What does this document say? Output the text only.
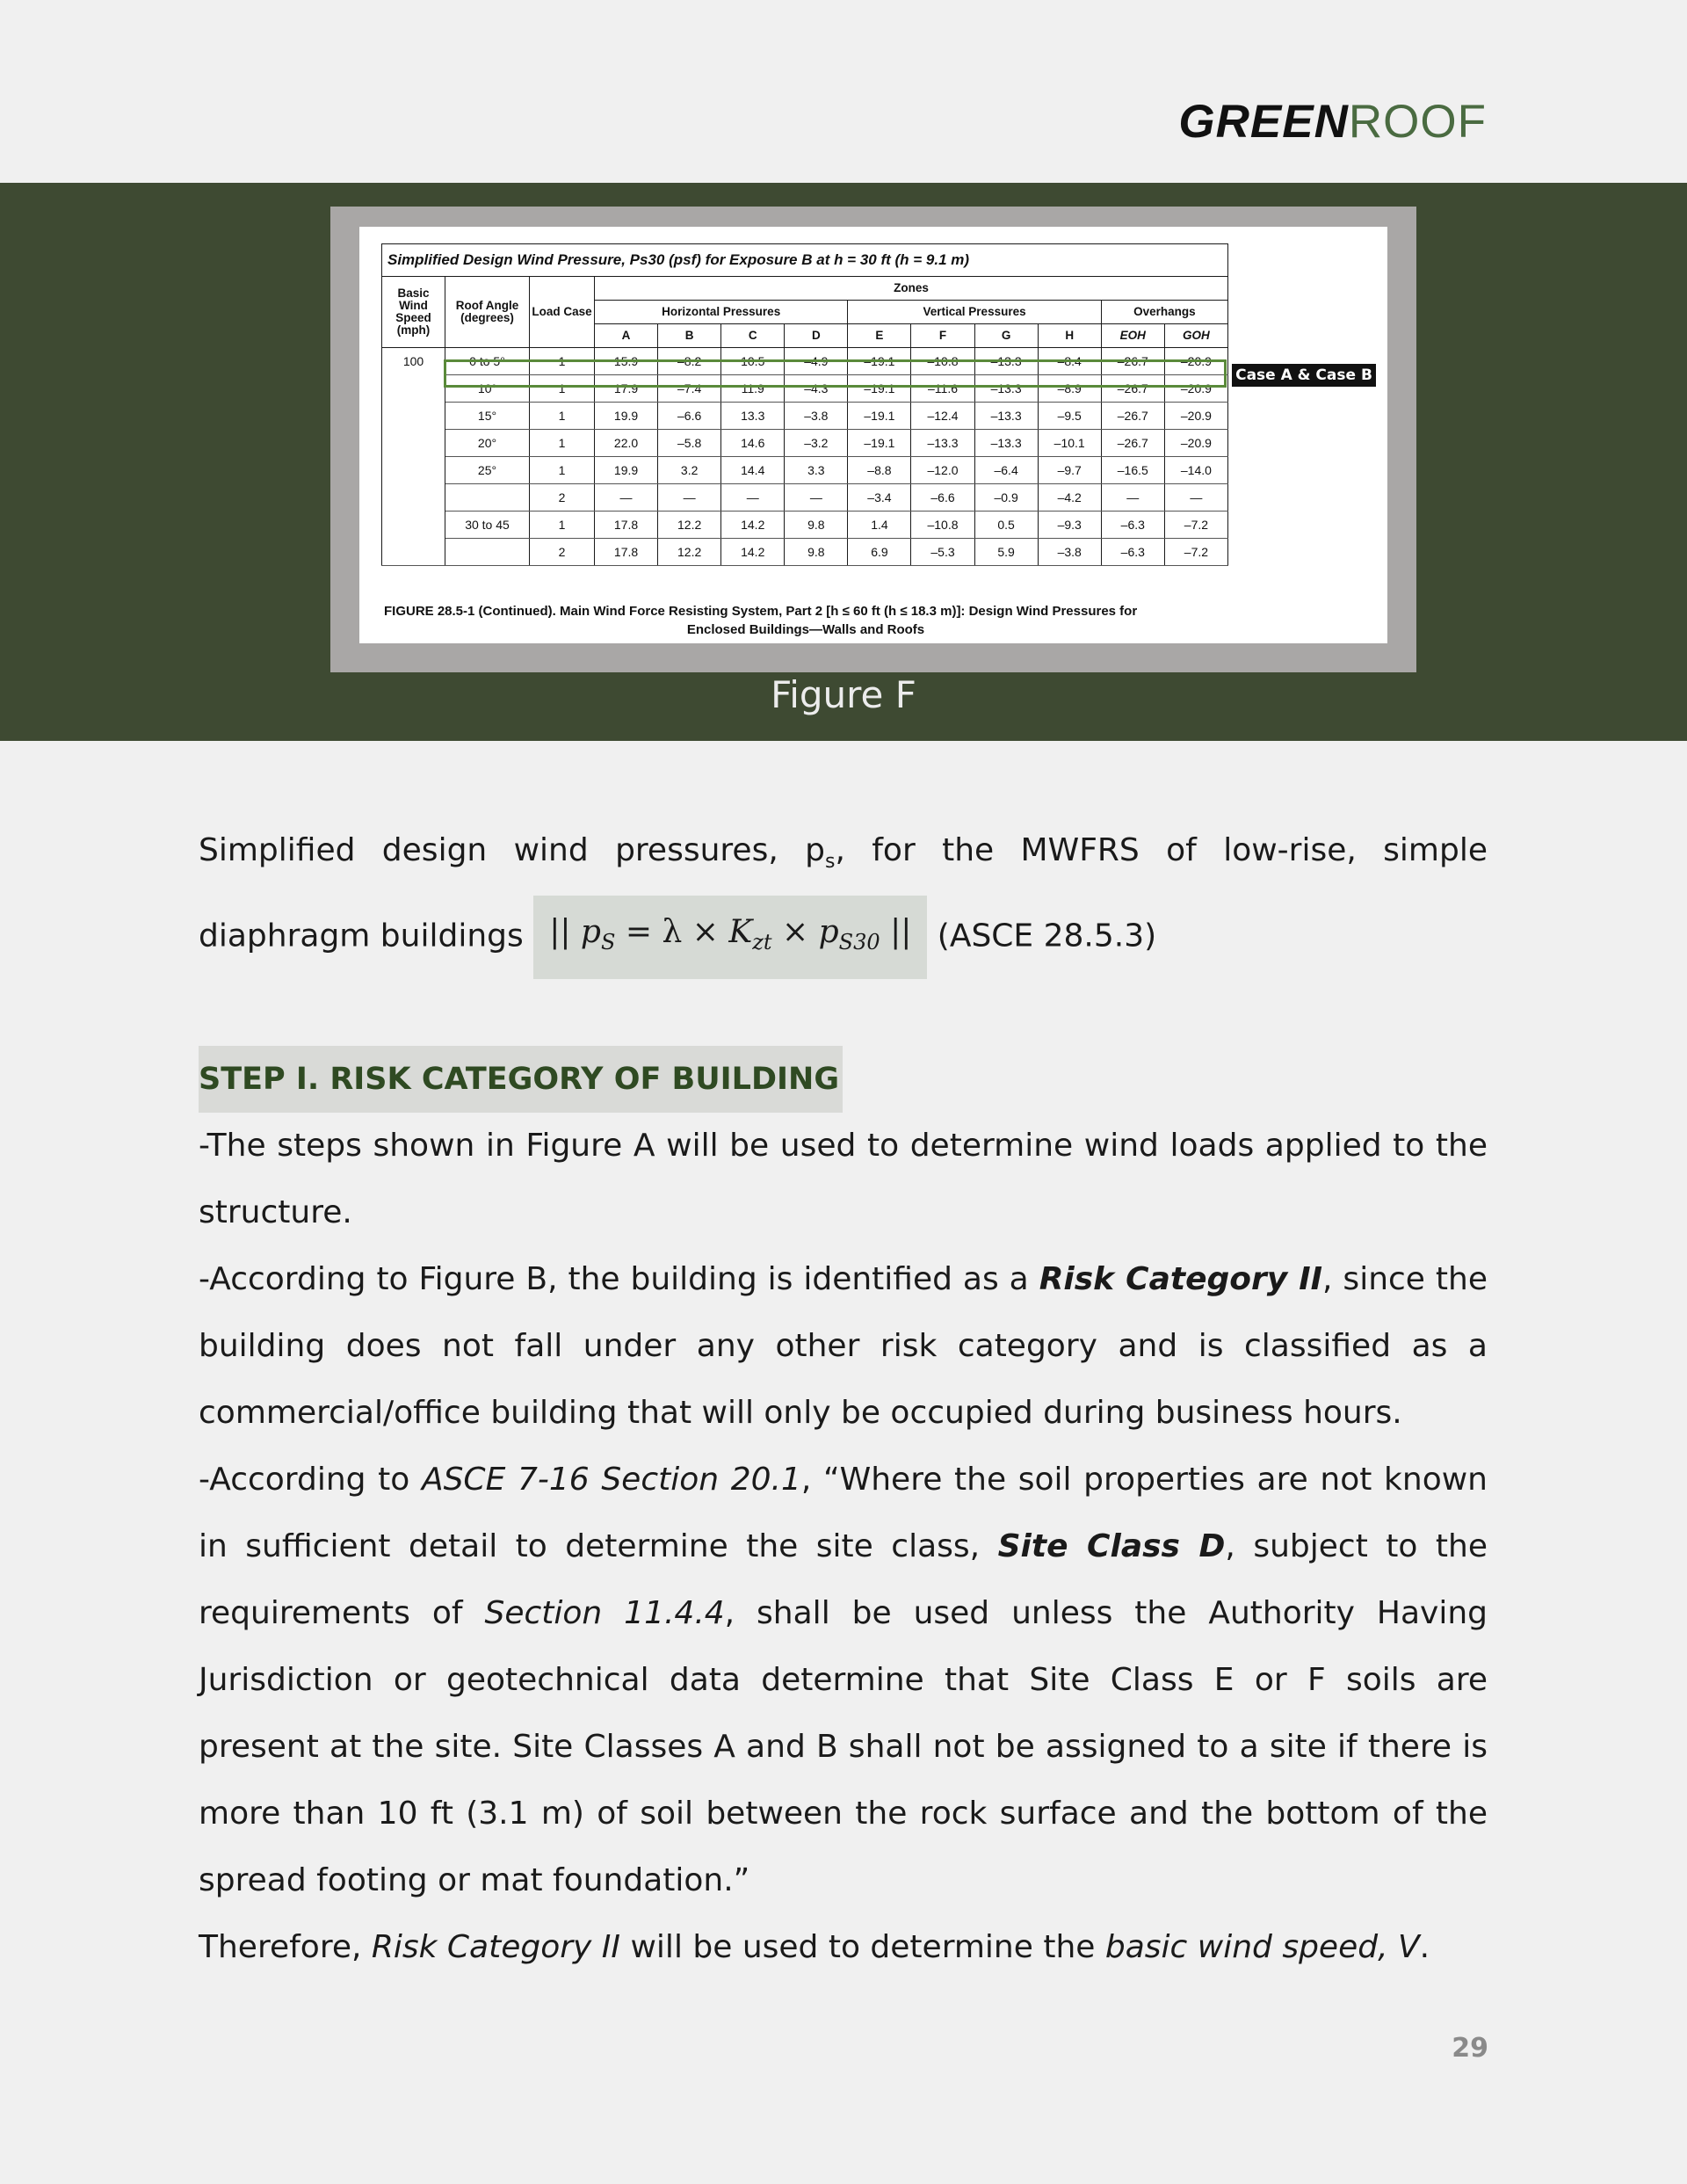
GREENROOF
Figure F
Simplified Design Wind Pressure, Ps30 (psf) for Exposure B at h = 30 ft (h = 9.1 m)												
Basic Wind Speed (mph)	Roof Angle (degrees)	Load Case	Zones									
			Horizontal Pressures				Vertical Pressures				Overhangs	
			A	B	C	D	E	F	G	H	EOH	GOH
100	0 to 5°	1	15.9	–8.2	10.5	–4.9	–19.1	–10.8	–13.3	–8.4	–26.7	–20.9
	10°	1	17.9	–7.4	11.9	–4.3	–19.1	–11.6	–13.3	–8.9	–26.7	–20.9
	15°	1	19.9	–6.6	13.3	–3.8	–19.1	–12.4	–13.3	–9.5	–26.7	–20.9
	20°	1	22.0	–5.8	14.6	–3.2	–19.1	–13.3	–13.3	–10.1	–26.7	–20.9
	25°	1	19.9	3.2	14.4	3.3	–8.8	–12.0	–6.4	–9.7	–16.5	–14.0
		2	—	—	—	—	–3.4	–6.6	–0.9	–4.2	—	—
	30 to 45	1	17.8	12.2	14.2	9.8	1.4	–10.8	0.5	–9.3	–6.3	–7.2
		2	17.8	12.2	14.2	9.8	6.9	–5.3	5.9	–3.8	–6.3	–7.2
Case A & Case B
FIGURE 28.5-1 (Continued). Main Wind Force Resisting System, Part 2 [h ≤ 60 ft (h ≤ 18.3 m)]: Design Wind Pressures for
Enclosed Buildings—Walls and Roofs

Simplified design wind pressures, $p_s$, for the MWFRS of low-rise, simple diaphragm buildings || $p_S = \lambda \times K_{zt} \times p_{S30}$ || (ASCE 28.5.3)

STEP I. RISK CATEGORY OF BUILDING

-The steps shown in Figure A will be used to determine wind loads applied to the structure.

-According to Figure B, the building is identified as a Risk Category II, since the building does not fall under any other risk category and is classified as a commercial/office building that will only be occupied during business hours.

-According to ASCE 7-16 Section 20.1, “Where the soil properties are not known in sufficient detail to determine the site class, Site Class D, subject to the requirements of Section 11.4.4, shall be used unless the Authority Having Jurisdiction or geotechnical data determine that Site Class E or F soils are present at the site. Site Classes A and B shall not be assigned to a site if there is more than 10 ft (3.1 m) of soil between the rock surface and the bottom of the spread footing or mat foundation.”

Therefore, Risk Category II will be used to determine the basic wind speed, V.

29
